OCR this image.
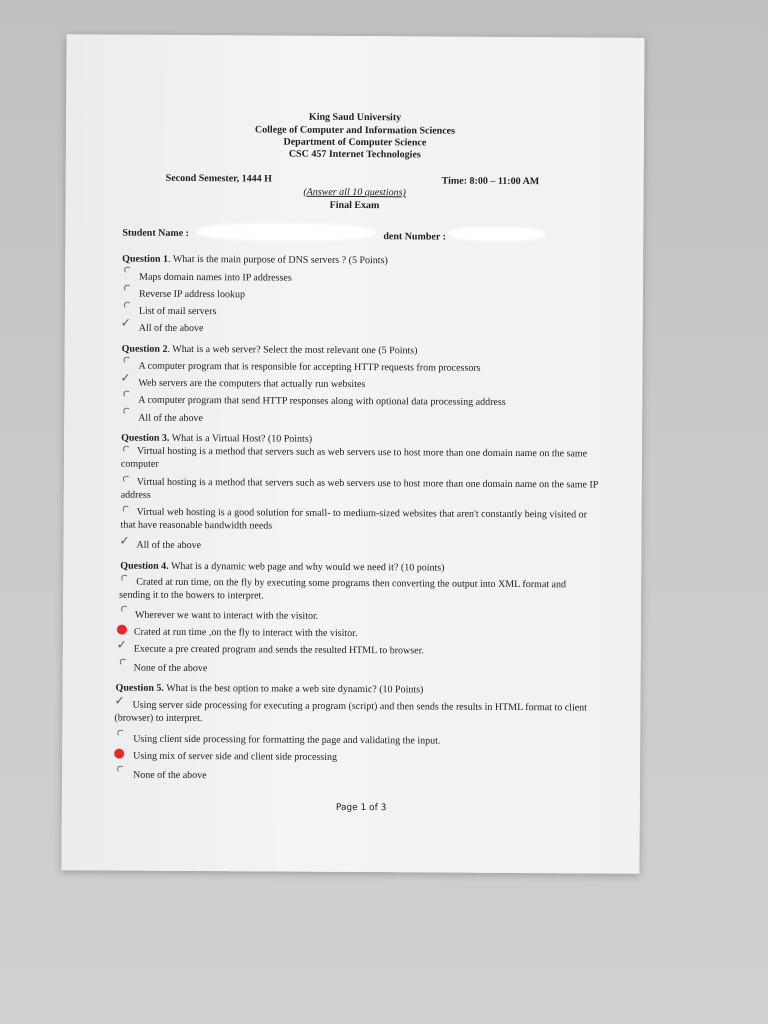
King Saud University
College of Computer and Information Sciences
Department of Computer Science
CSC 457 Internet Technologies
Second Semester, 1444 H	Time: 8:00 – 11:00 AM
(Answer all 10 questions)
Final Exam
Student Name :	dent Number :
Question 1. What is the main purpose of DNS servers ? (5 Points)
Maps domain names into IP addresses
Reverse IP address lookup
List of mail servers
✓ All of the above
Question 2. What is a web server? Select the most relevant one (5 Points)
A computer program that is responsible for accepting HTTP requests from processors
✓ Web servers are the computers that actually run websites
A computer program that send HTTP responses along with optional data processing address
All of the above
Question 3. What is a Virtual Host? (10 Points)
Virtual hosting is a method that servers such as web servers use to host more than one domain name on the same computer
Virtual hosting is a method that servers such as web servers use to host more than one domain name on the same IP address
Virtual web hosting is a good solution for small- to medium-sized websites that aren't constantly being visited or that have reasonable bandwidth needs
✓ All of the above
Question 4. What is a dynamic web page and why would we need it? (10 points)
Crated at run time, on the fly by executing some programs then converting the output into XML format and sending it to the bowers to interpret.
Wherever we want to interact with the visitor.
Crated at run time ,on the fly to interact with the visitor.
✓ Execute a pre created program and sends the resulted HTML to browser.
None of the above
Question 5. What is the best option to make a web site dynamic? (10 Points)
✓ Using server side processing for executing a program (script) and then sends the results in HTML format to client (browser) to interpret.
Using client side processing for formatting the page and validating the input.
Using mix of server side and client side processing
None of the above
Page 1 of 3
